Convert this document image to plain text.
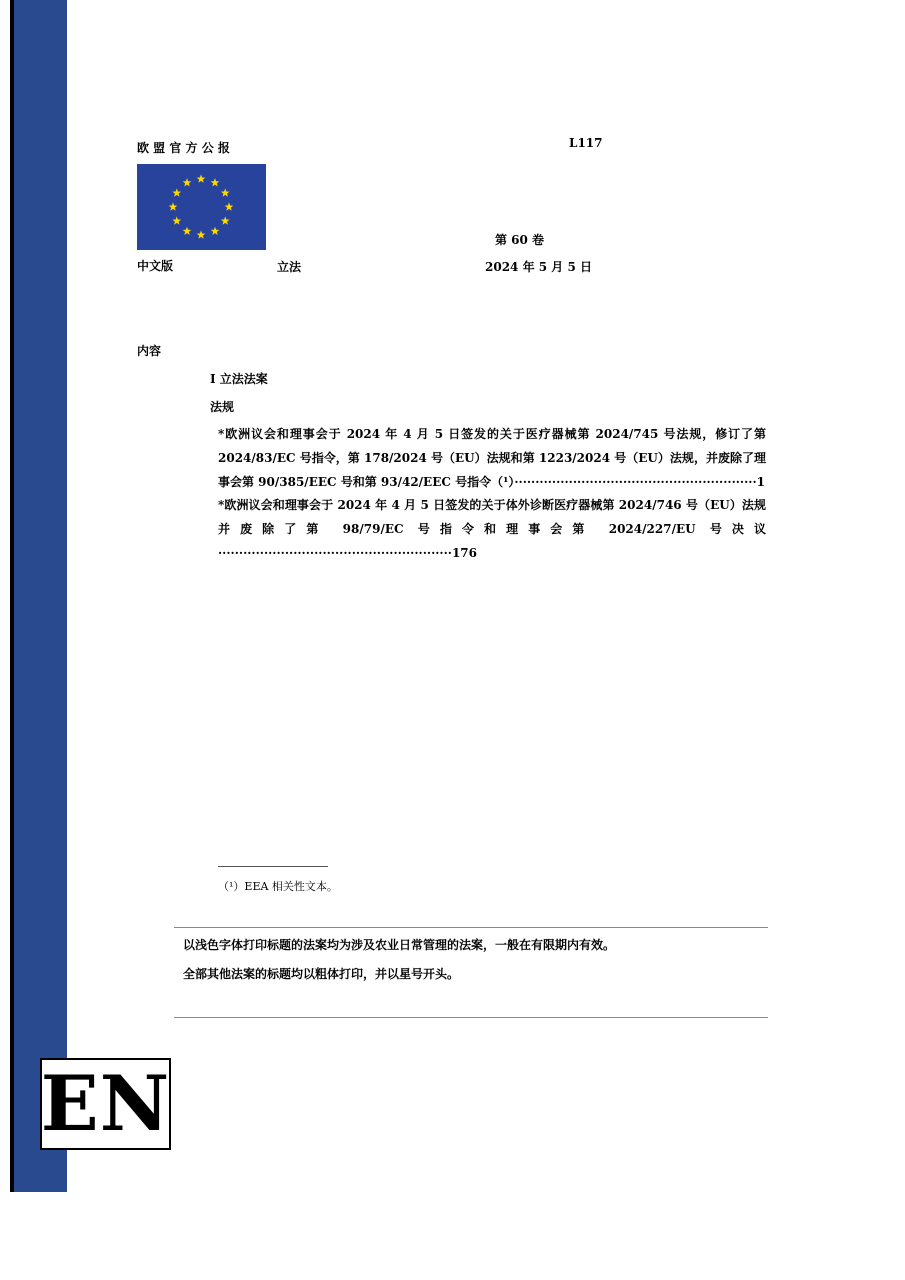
欧 盟 官 方 公 报	L117
第 60 卷
中文版	立法	2024 年 5 月 5 日
内容
I 立法法案
法规
*欧洲议会和理事会于 2024 年 4 月 5 日签发的关于医疗器械第 2024/745 号法规，修订了第 2024/83/EC 号指令，第 178/2024 号（EU）法规和第 1223/2024 号（EU）法规，并废除了理事会第 90/385/EEC 号和第 93/42/EEC 号指令（¹）··························································1
*欧洲议会和理事会于 2024 年 4 月 5 日签发的关于体外诊断医疗器械第 2024/746 号（EU）法规并废除了第 98/79/EC 号指令和理事会第 2024/227/EU 号决议························································176
（¹）EEA 相关性文本。
以浅色字体打印标题的法案均为涉及农业日常管理的法案，一般在有限期内有效。
全部其他法案的标题均以粗体打印，并以星号开头。
EN
